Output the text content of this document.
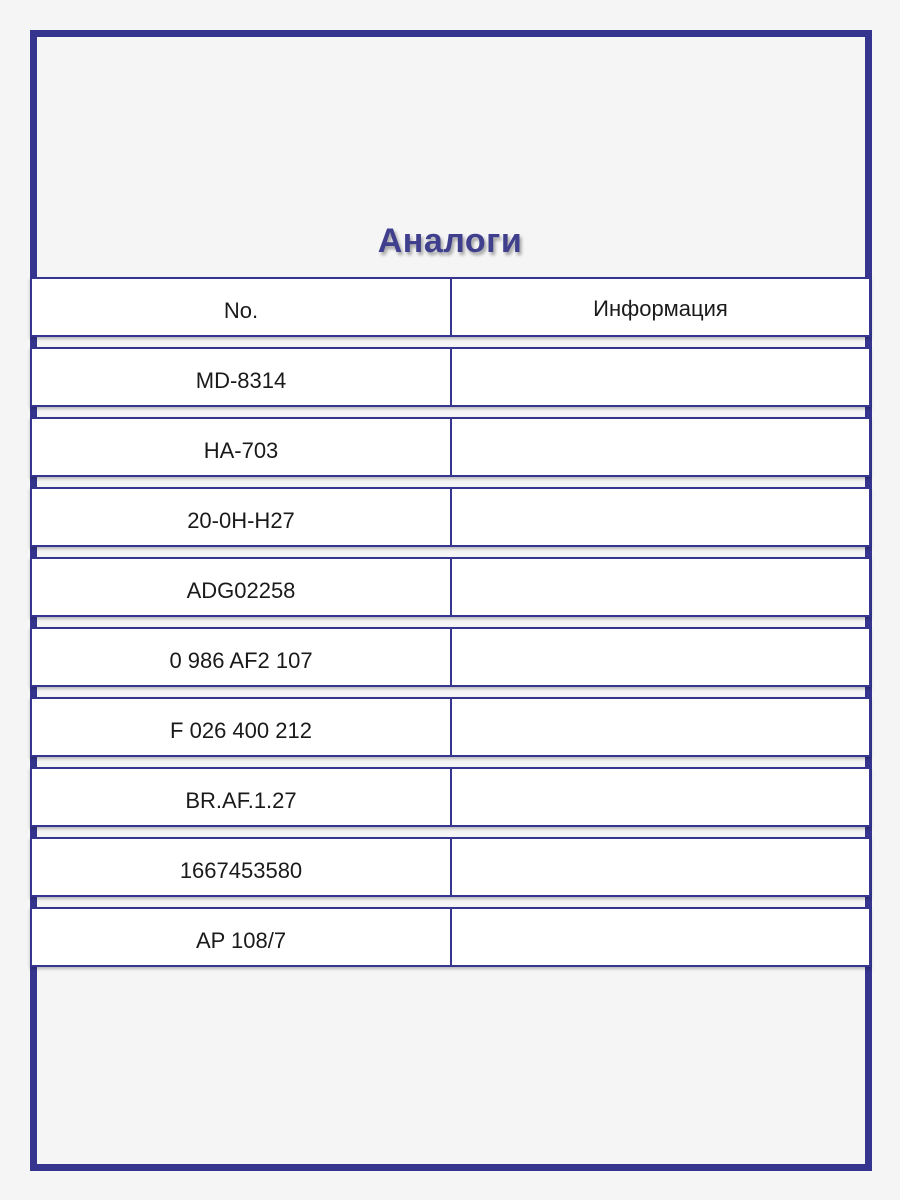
Аналоги
No.	Информация
MD-8314
HA-703
20-0H-H27
ADG02258
0 986 AF2 107
F 026 400 212
BR.AF.1.27
1667453580
AP 108/7
